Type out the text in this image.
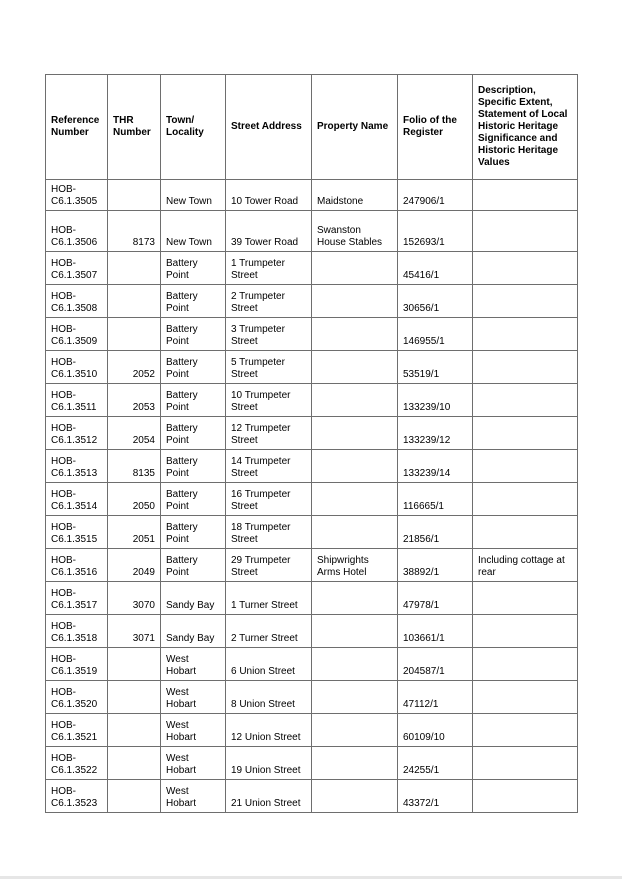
Reference Number	THR Number	Town/ Locality	Street Address	Property Name	Folio of the Register	Description, Specific Extent, Statement of Local Historic Heritage Significance and Historic Heritage Values
HOB-C6.1.3505		New Town	10 Tower Road	Maidstone	247906/1	
HOB-C6.1.3506	8173	New Town	39 Tower Road	Swanston House Stables	152693/1	
HOB-C6.1.3507		Battery Point	1 Trumpeter Street		45416/1	
HOB-C6.1.3508		Battery Point	2 Trumpeter Street		30656/1	
HOB-C6.1.3509		Battery Point	3 Trumpeter Street		146955/1	
HOB-C6.1.3510	2052	Battery Point	5 Trumpeter Street		53519/1	
HOB-C6.1.3511	2053	Battery Point	10 Trumpeter Street		133239/10	
HOB-C6.1.3512	2054	Battery Point	12 Trumpeter Street		133239/12	
HOB-C6.1.3513	8135	Battery Point	14 Trumpeter Street		133239/14	
HOB-C6.1.3514	2050	Battery Point	16 Trumpeter Street		116665/1	
HOB-C6.1.3515	2051	Battery Point	18 Trumpeter Street		21856/1	
HOB-C6.1.3516	2049	Battery Point	29 Trumpeter Street	Shipwrights Arms Hotel	38892/1	Including cottage at rear
HOB-C6.1.3517	3070	Sandy Bay	1 Turner Street		47978/1	
HOB-C6.1.3518	3071	Sandy Bay	2 Turner Street		103661/1	
HOB-C6.1.3519		West Hobart	6 Union Street		204587/1	
HOB-C6.1.3520		West Hobart	8 Union Street		47112/1	
HOB-C6.1.3521		West Hobart	12 Union Street		60109/10	
HOB-C6.1.3522		West Hobart	19 Union Street		24255/1	
HOB-C6.1.3523		West Hobart	21 Union Street		43372/1	
